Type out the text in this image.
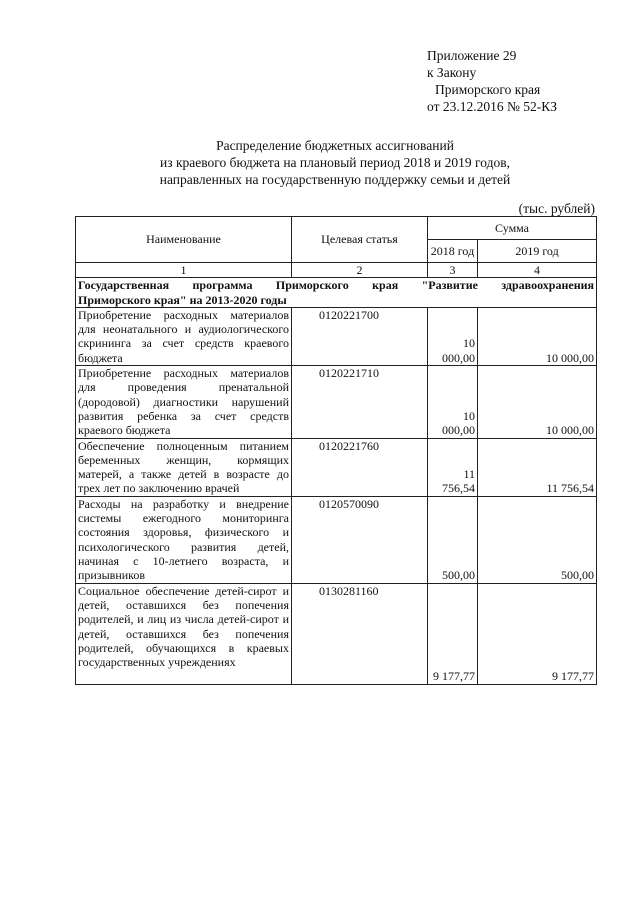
Приложение 29
к Закону
Приморского края
от 23.12.2016 № 52-КЗ
Распределение бюджетных ассигнований
из краевого бюджета на плановый период 2018 и 2019 годов,
направленных на государственную поддержку семьи и детей
(тыс. рублей)
Наименование	Целевая статья	Сумма	
		2018 год	2019 год
1	2	3	4
Государственная программа Приморского края "Развитие здравоохранения
Приморского края" на 2013-2020 годы			

Приобретение расходных материалов для неонатального и аудиологического скрининга за счет средств краевого бюджета	0120221700	10 000,00	10 000,00
Приобретение расходных материалов для проведения пренатальной (дородовой) диагностики нарушений развития ребенка за счет средств краевого бюджета	0120221710	10 000,00	10 000,00
Обеспечение полноценным питанием беременных женщин, кормящих матерей, а также детей в возрасте до трех лет по заключению врачей	0120221760	11 756,54	11 756,54
Расходы на разработку и внедрение системы ежегодного мониторинга состояния здоровья, физического и психологического развития детей, начиная с 10-летнего возраста, и призывников	0120570090	500,00	500,00
Социальное обеспечение детей-сирот и детей, оставшихся без попечения родителей, и лиц из числа детей-сирот и детей, оставшихся без попечения родителей, обучающихся в краевых государственных учреждениях	0130281160	9 177,77	9 177,77
